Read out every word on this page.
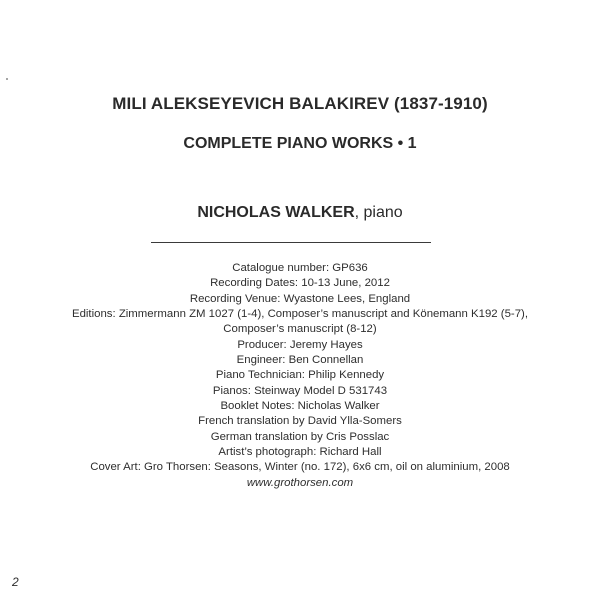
MILI ALEKSEYEVICH BALAKIREV (1837-1910)
COMPLETE PIANO WORKS • 1
NICHOLAS WALKER, piano
Catalogue number: GP636
Recording Dates: 10-13 June, 2012
Recording Venue: Wyastone Lees, England
Editions: Zimmermann ZM 1027 (1-4), Composer’s manuscript and Könemann K192 (5-7),
Composer’s manuscript (8-12)
Producer: Jeremy Hayes
Engineer: Ben Connellan
Piano Technician: Philip Kennedy
Pianos: Steinway Model D 531743
Booklet Notes: Nicholas Walker
French translation by David Ylla-Somers
German translation by Cris Posslac
Artist’s photograph: Richard Hall
Cover Art: Gro Thorsen: Seasons, Winter (no. 172), 6x6 cm, oil on aluminium, 2008
www.grothorsen.com
2
